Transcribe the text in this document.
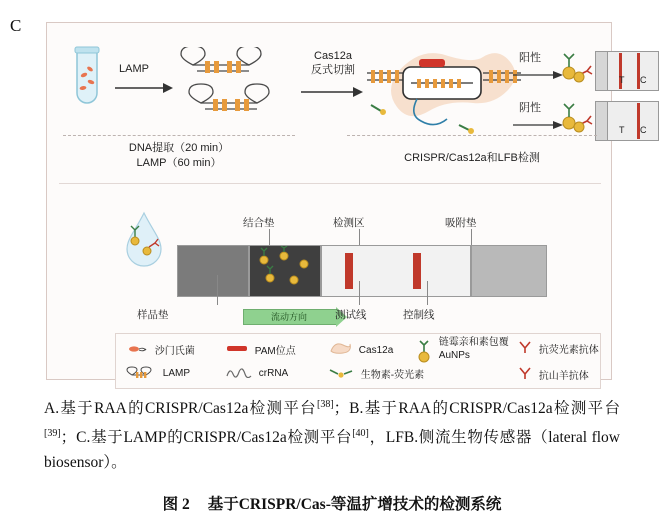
C
LAMP
Cas12a
反式切割
阳性
阴性
T C
T C
DNA提取（20 min）
LAMP（60 min）	CRISPR/Cas12a和LFB检测
结合垫	检测区	吸附垫
样品垫	流动方向	测试线	控制线
沙门氏菌	PAM位点	Cas12a
链霉亲和素包覆
AuNPs	抗荧光素抗体
LAMP	crRNA	生物素-荧光素	抗山羊抗体
A.基于RAA的CRISPR/Cas12a检测平台[38]；B.基于RAA的CRISPR/Cas12a检测平台[39]；C.基于LAMP的CRISPR/Cas12a检测平台[40]，LFB.侧流生物传感器（lateral flow biosensor）。
图 2 基于CRISPR/Cas-等温扩增技术的检测系统
